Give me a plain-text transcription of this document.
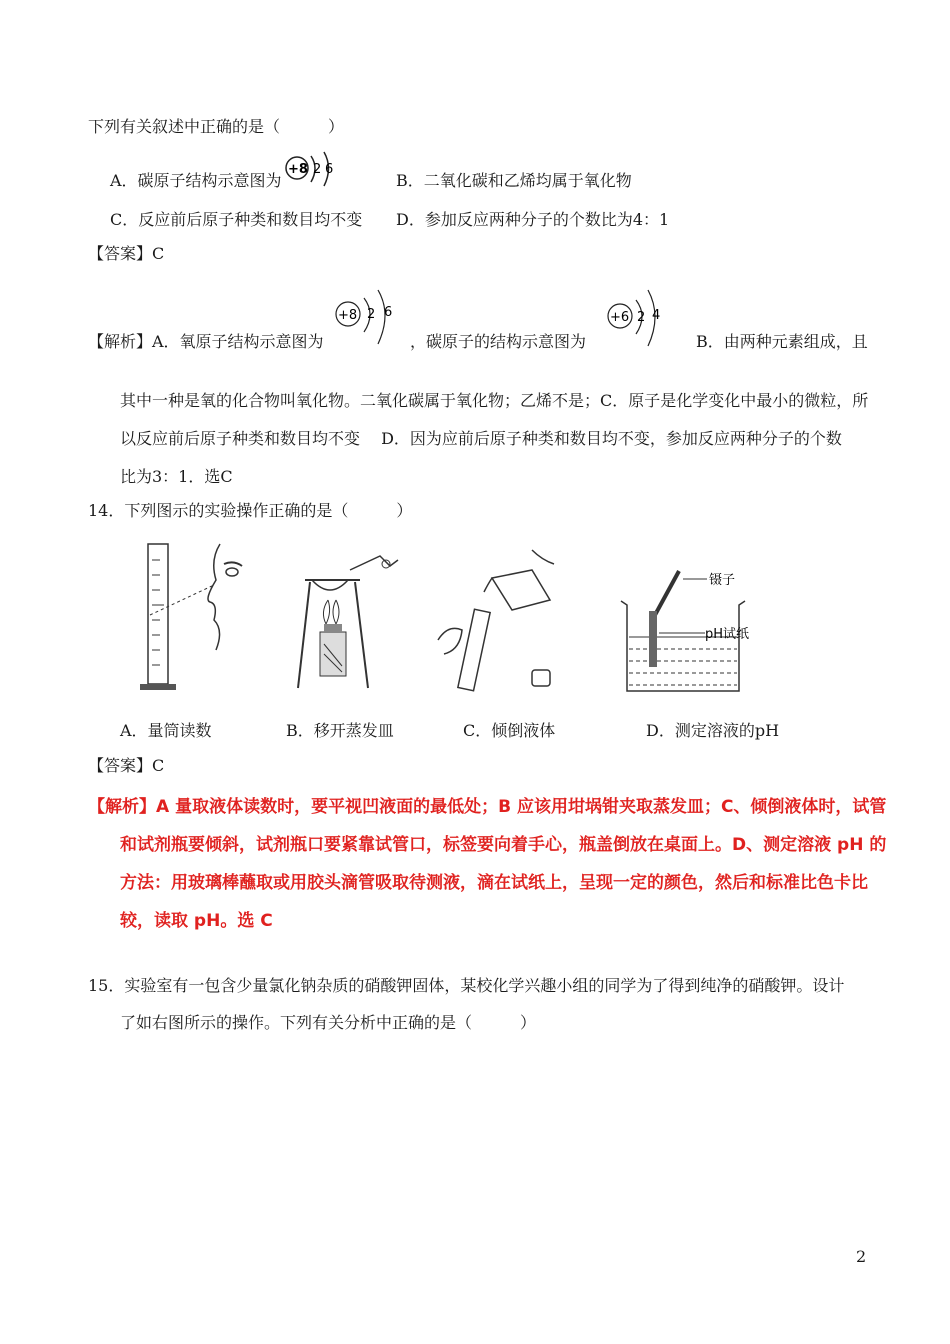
下列有关叙述中正确的是（　　　）
A．碳原子结构示意图为
+8 2 6
B．二氧化碳和乙烯均属于氧化物
C．反应前后原子种类和数目均不变 D．参加反应两种分子的个数比为4：1
【答案】C
【解析】A．氧原子结构示意图为
+8 2 6
，碳原子的结构示意图为
+6 2 4
B．由两种元素组成，且
其中一种是氧的化合物叫氧化物。二氧化碳属于氧化物；乙烯不是；C．原子是化学变化中最小的微粒，所
以反应前后原子种类和数目均不变　 D．因为应前后原子种类和数目均不变，参加反应两种分子的个数
比为3：1．选C
14．下列图示的实验操作正确的是（　　　）
镊子
pH试纸
A．量筒读数	B．移开蒸发皿	C．倾倒液体	D．测定溶液的pH
【答案】C
【解析】A 量取液体读数时，要平视凹液面的最低处；B 应该用坩埚钳夹取蒸发皿；C、倾倒液体时，试管
和试剂瓶要倾斜，试剂瓶口要紧靠试管口，标签要向着手心，瓶盖倒放在桌面上。D、测定溶液 pH 的
方法：用玻璃棒蘸取或用胶头滴管吸取待测液，滴在试纸上，呈现一定的颜色，然后和标准比色卡比
较，读取 pH。选 C
15．实验室有一包含少量氯化钠杂质的硝酸钾固体，某校化学兴趣小组的同学为了得到纯净的硝酸钾。设计
了如右图所示的操作。下列有关分析中正确的是（　　　）
2
